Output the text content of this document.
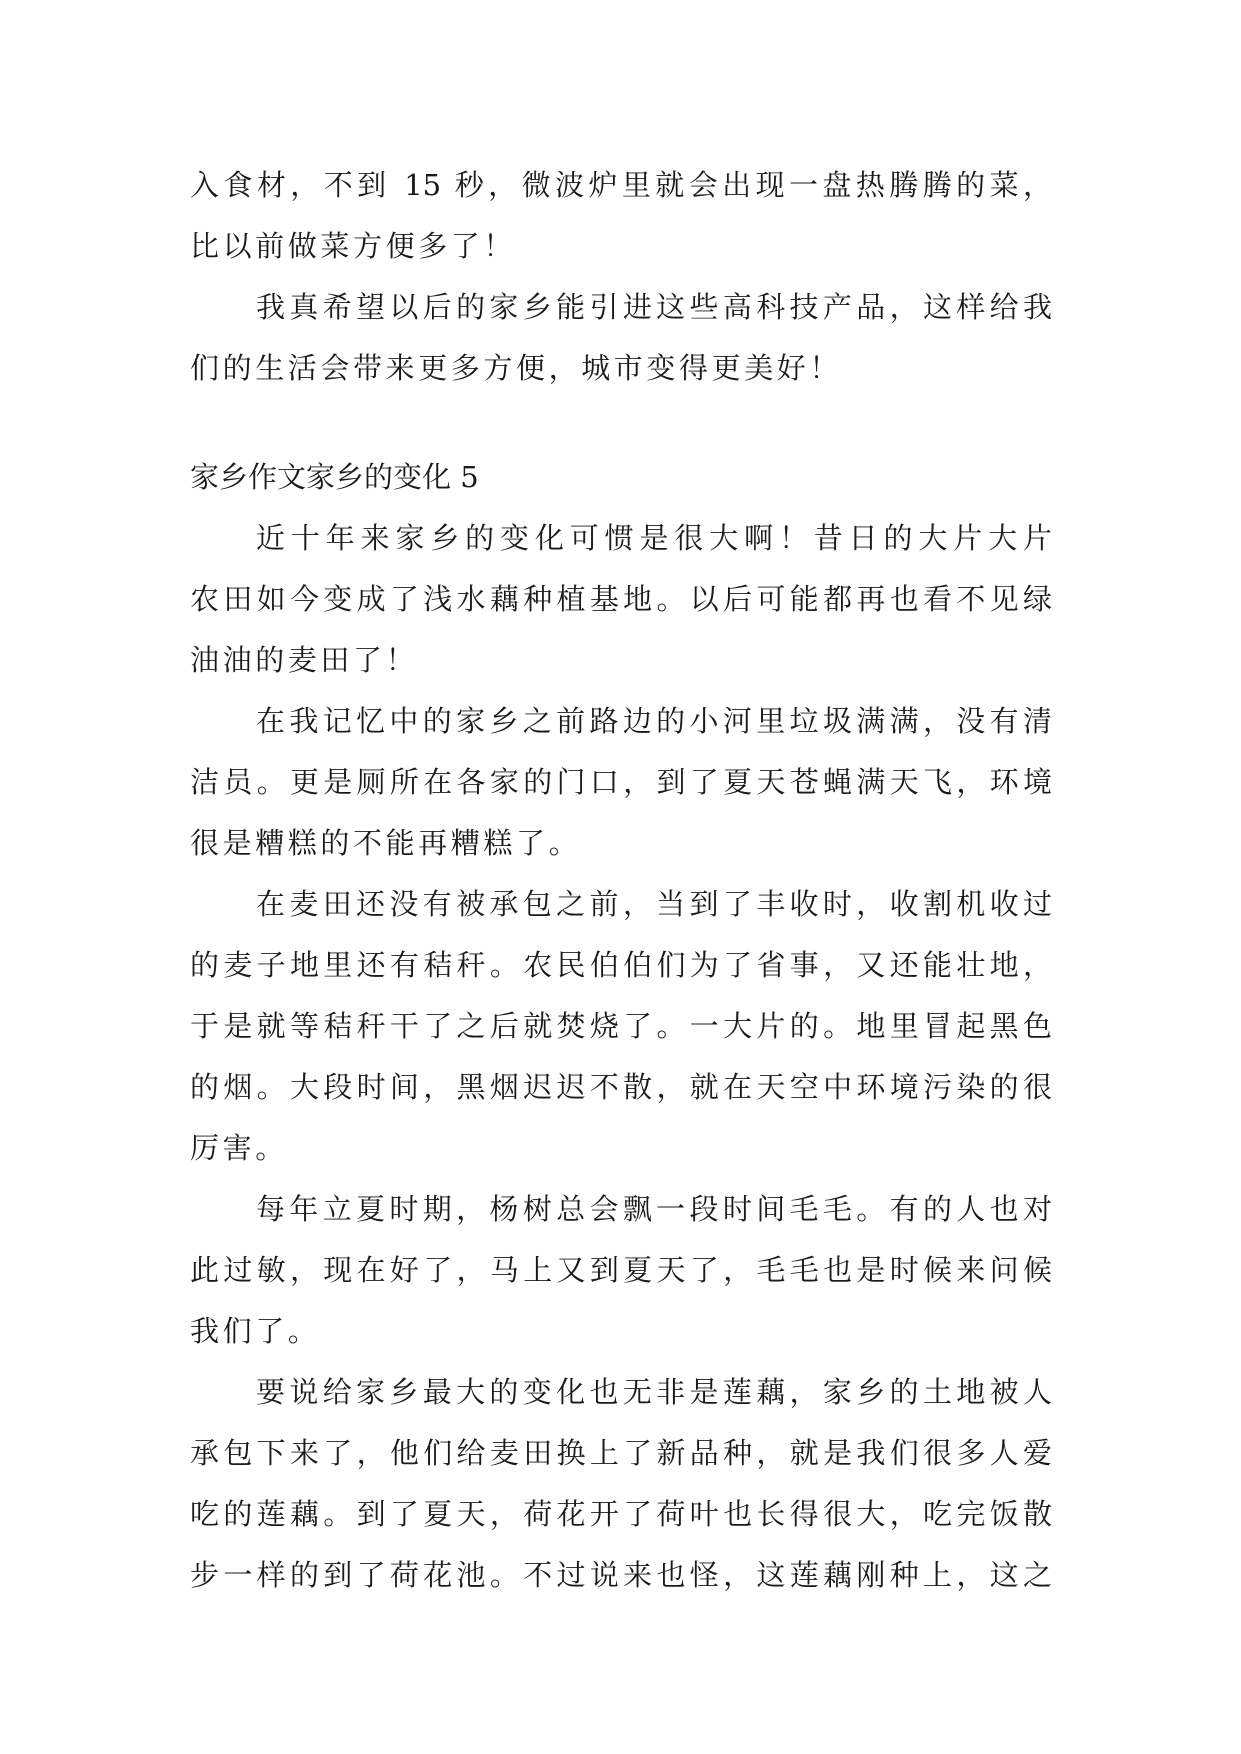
入食材，不到 15 秒，微波炉里就会出现一盘热腾腾的菜，
比以前做菜方便多了！
我真希望以后的家乡能引进这些高科技产品，这样给我
们的生活会带来更多方便，城市变得更美好！
家乡作文家乡的变化 5
近十年来家乡的变化可惯是很大啊！昔日的大片大片
农田如今变成了浅水藕种植基地。以后可能都再也看不见绿
油油的麦田了！
在我记忆中的家乡之前路边的小河里垃圾满满，没有清
洁员。更是厕所在各家的门口，到了夏天苍蝇满天飞，环境
很是糟糕的不能再糟糕了。
在麦田还没有被承包之前，当到了丰收时，收割机收过
的麦子地里还有秸秆。农民伯伯们为了省事，又还能壮地，
于是就等秸秆干了之后就焚烧了。一大片的。地里冒起黑色
的烟。大段时间，黑烟迟迟不散，就在天空中环境污染的很
厉害。
每年立夏时期，杨树总会飘一段时间毛毛。有的人也对
此过敏，现在好了，马上又到夏天了，毛毛也是时候来问候
我们了。
要说给家乡最大的变化也无非是莲藕，家乡的土地被人
承包下来了，他们给麦田换上了新品种，就是我们很多人爱
吃的莲藕。到了夏天，荷花开了荷叶也长得很大，吃完饭散
步一样的到了荷花池。不过说来也怪，这莲藕刚种上，这之
